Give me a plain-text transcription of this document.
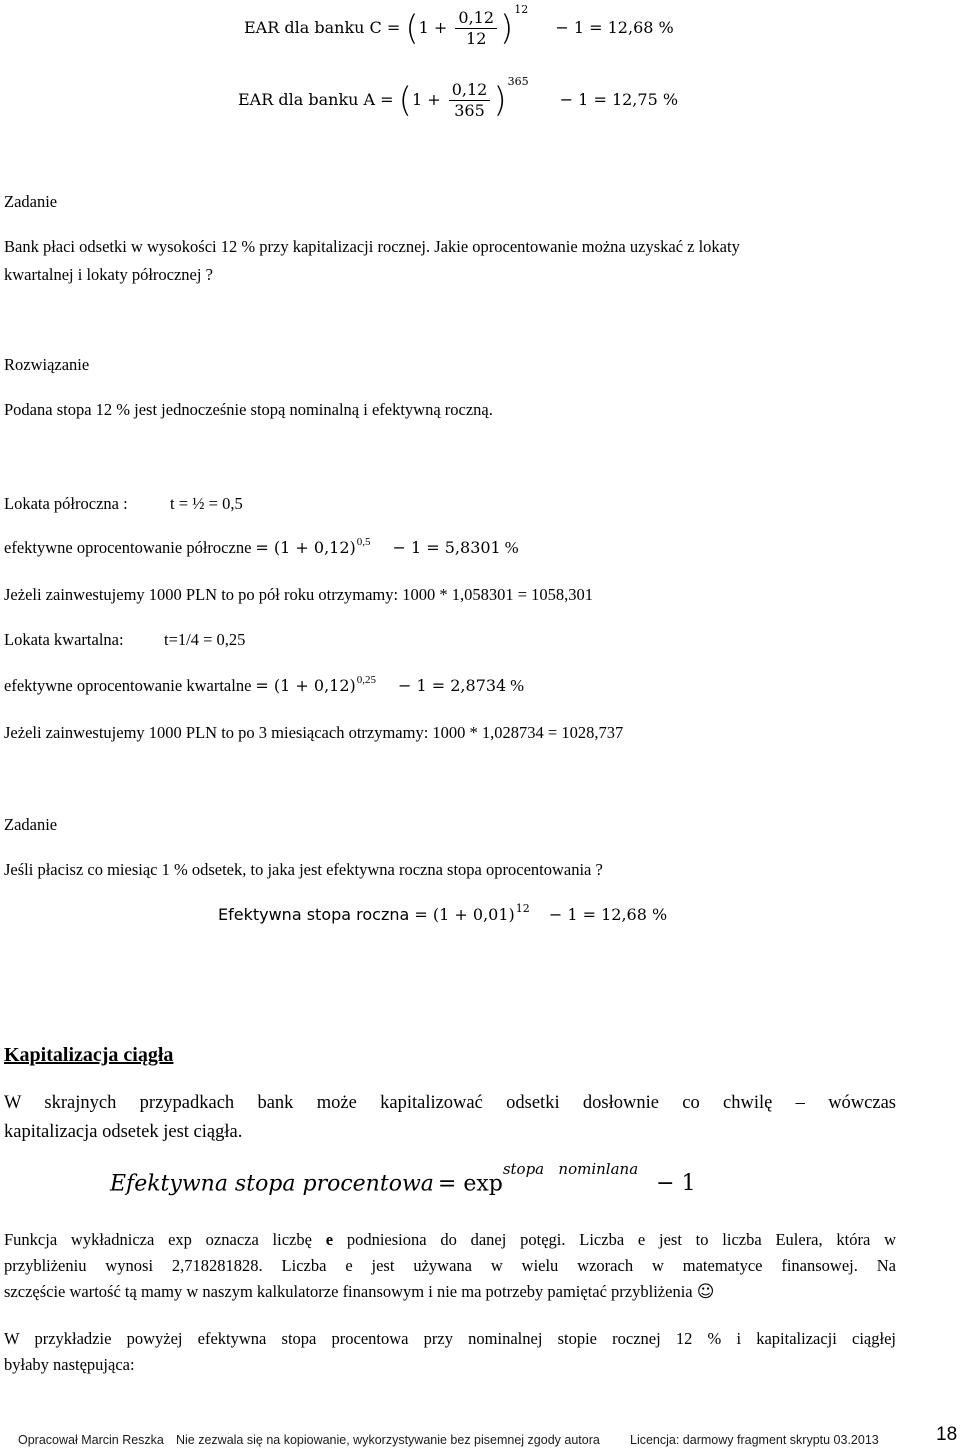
EAR dla banku $C = (1 + \frac{0,12}{12} )^{12} - 1 = 12,68$ %
EAR dla banku $A = (1 + \frac{0,12}{365} )^{365} - 1 = 12,75$ %
Zadanie
Bank płaci odsetki w wysokości 12 % przy kapitalizacji rocznej. Jakie oprocentowanie można uzyskać z lokaty
kwartalnej i lokaty półrocznej ?
Rozwiązanie
Podana stopa 12 % jest jednocześnie stopą nominalną i efektywną roczną.
Lokata półroczna :	t = ½ = 0,5
efektywne oprocentowanie półroczne = $(1 + 0,12)^{0,5} - 1 = 5,8301$ %
Jeżeli zainwestujemy 1000 PLN to po pół roku otrzymamy: 1000 * 1,058301 = 1058,301
Lokata kwartalna: t=1/4 = 0,25
efektywne oprocentowanie kwartalne = $(1 + 0,12)^{0,25} - 1 = 2,8734$ %
Jeżeli zainwestujemy 1000 PLN to po 3 miesiącach otrzymamy: 1000 * 1,028734 = 1028,737
Zadanie
Jeśli płacisz co miesiąc 1 % odsetek, to jaka jest efektywna roczna stopa oprocentowania ?
Efektywna stopa roczna = $(1 + 0,01)^{12} - 1 = 12,68$ %
Kapitalizacja ciągła
W skrajnych przypadkach bank może kapitalizować odsetki dosłownie co chwilę – wówczas
kapitalizacja odsetek jest ciągła.
Efektywna stopa procentowa = $\exp^{stopa nominlana} - 1$
Funkcja wykładnicza exp oznacza liczbę e podniesiona do danej potęgi. Liczba e jest to liczba Eulera, która w
przybliżeniu wynosi 2,718281828. Liczba e jest używana w wielu wzorach w matematyce finansowej. Na
szczęście wartość tą mamy w naszym kalkulatorze finansowym i nie ma potrzeby pamiętać przybliżenia ☺
W przykładzie powyżej efektywna stopa procentowa przy nominalnej stopie rocznej 12 % i kapitalizacji ciągłej
byłaby następująca:
Opracował Marcin Reszka Nie zezwala się na kopiowanie, wykorzystywanie bez pisemnej zgody autora Licencja: darmowy fragment skryptu 03.2013	18
